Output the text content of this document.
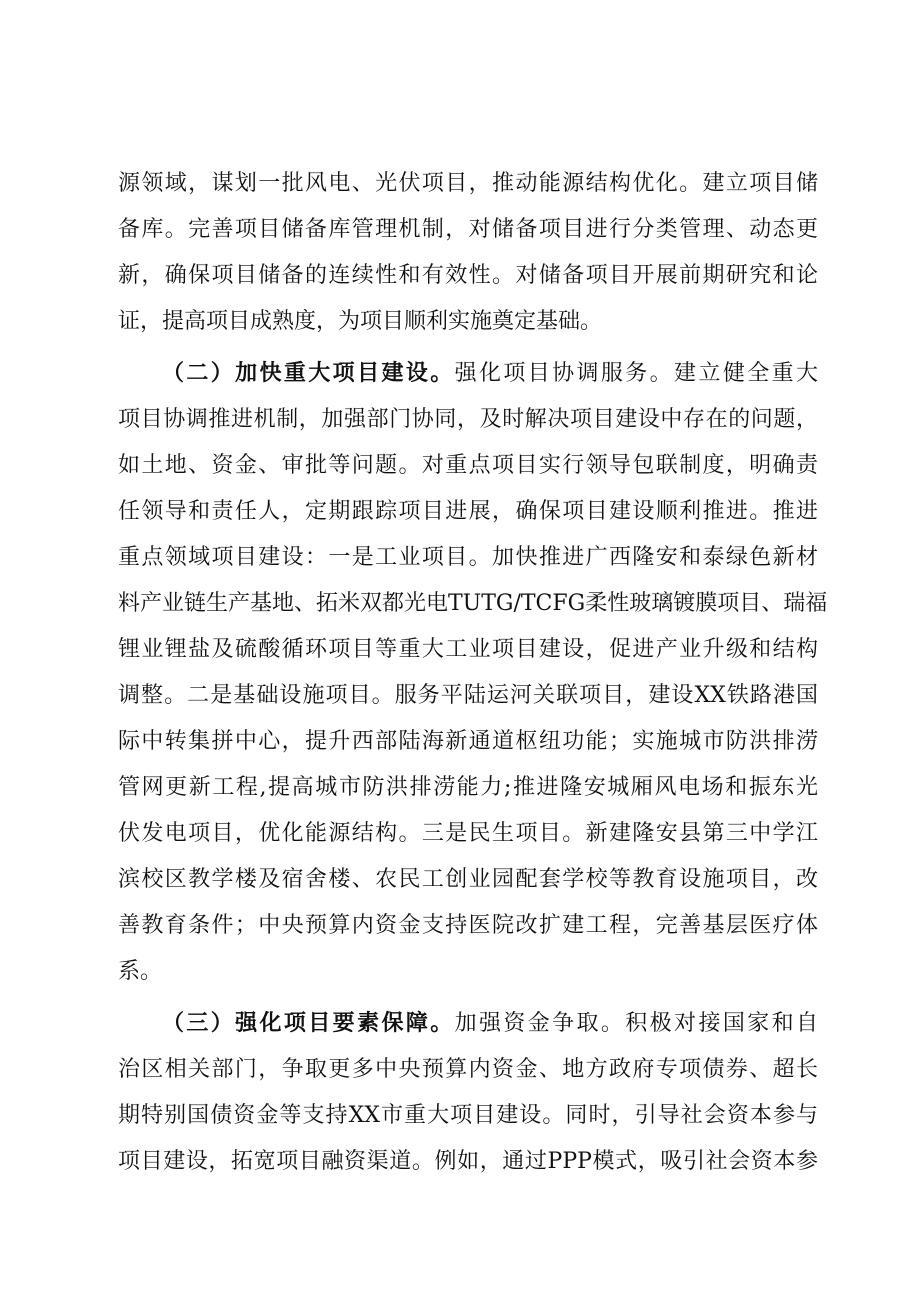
源领域，谋划一批风电、光伏项目，推动能源结构优化。建立项目储
备库。完善项目储备库管理机制，对储备项目进行分类管理、动态更
新，确保项目储备的连续性和有效性。对储备项目开展前期研究和论
证，提高项目成熟度，为项目顺利实施奠定基础。
（二）加快重大项目建设。强化项目协调服务。建立健全重大
项目协调推进机制，加强部门协同，及时解决项目建设中存在的问题，
如土地、资金、审批等问题。对重点项目实行领导包联制度，明确责
任领导和责任人，定期跟踪项目进展，确保项目建设顺利推进。推进
重点领域项目建设：一是工业项目。加快推进广西隆安和泰绿色新材
料产业链生产基地、拓米双都光电TUTG/TCFG柔性玻璃镀膜项目、瑞福
锂业锂盐及硫酸循环项目等重大工业项目建设，促进产业升级和结构
调整。二是基础设施项目。服务平陆运河关联项目，建设XX铁路港国
际中转集拼中心，提升西部陆海新通道枢纽功能；实施城市防洪排涝
管网更新工程,提高城市防洪排涝能力;推进隆安城厢风电场和振东光
伏发电项目，优化能源结构。三是民生项目。新建隆安县第三中学江
滨校区教学楼及宿舍楼、农民工创业园配套学校等教育设施项目，改
善教育条件；中央预算内资金支持医院改扩建工程，完善基层医疗体
系。
（三）强化项目要素保障。加强资金争取。积极对接国家和自
治区相关部门，争取更多中央预算内资金、地方政府专项债券、超长
期特别国债资金等支持XX市重大项目建设。同时，引导社会资本参与
项目建设，拓宽项目融资渠道。例如，通过PPP模式，吸引社会资本参
